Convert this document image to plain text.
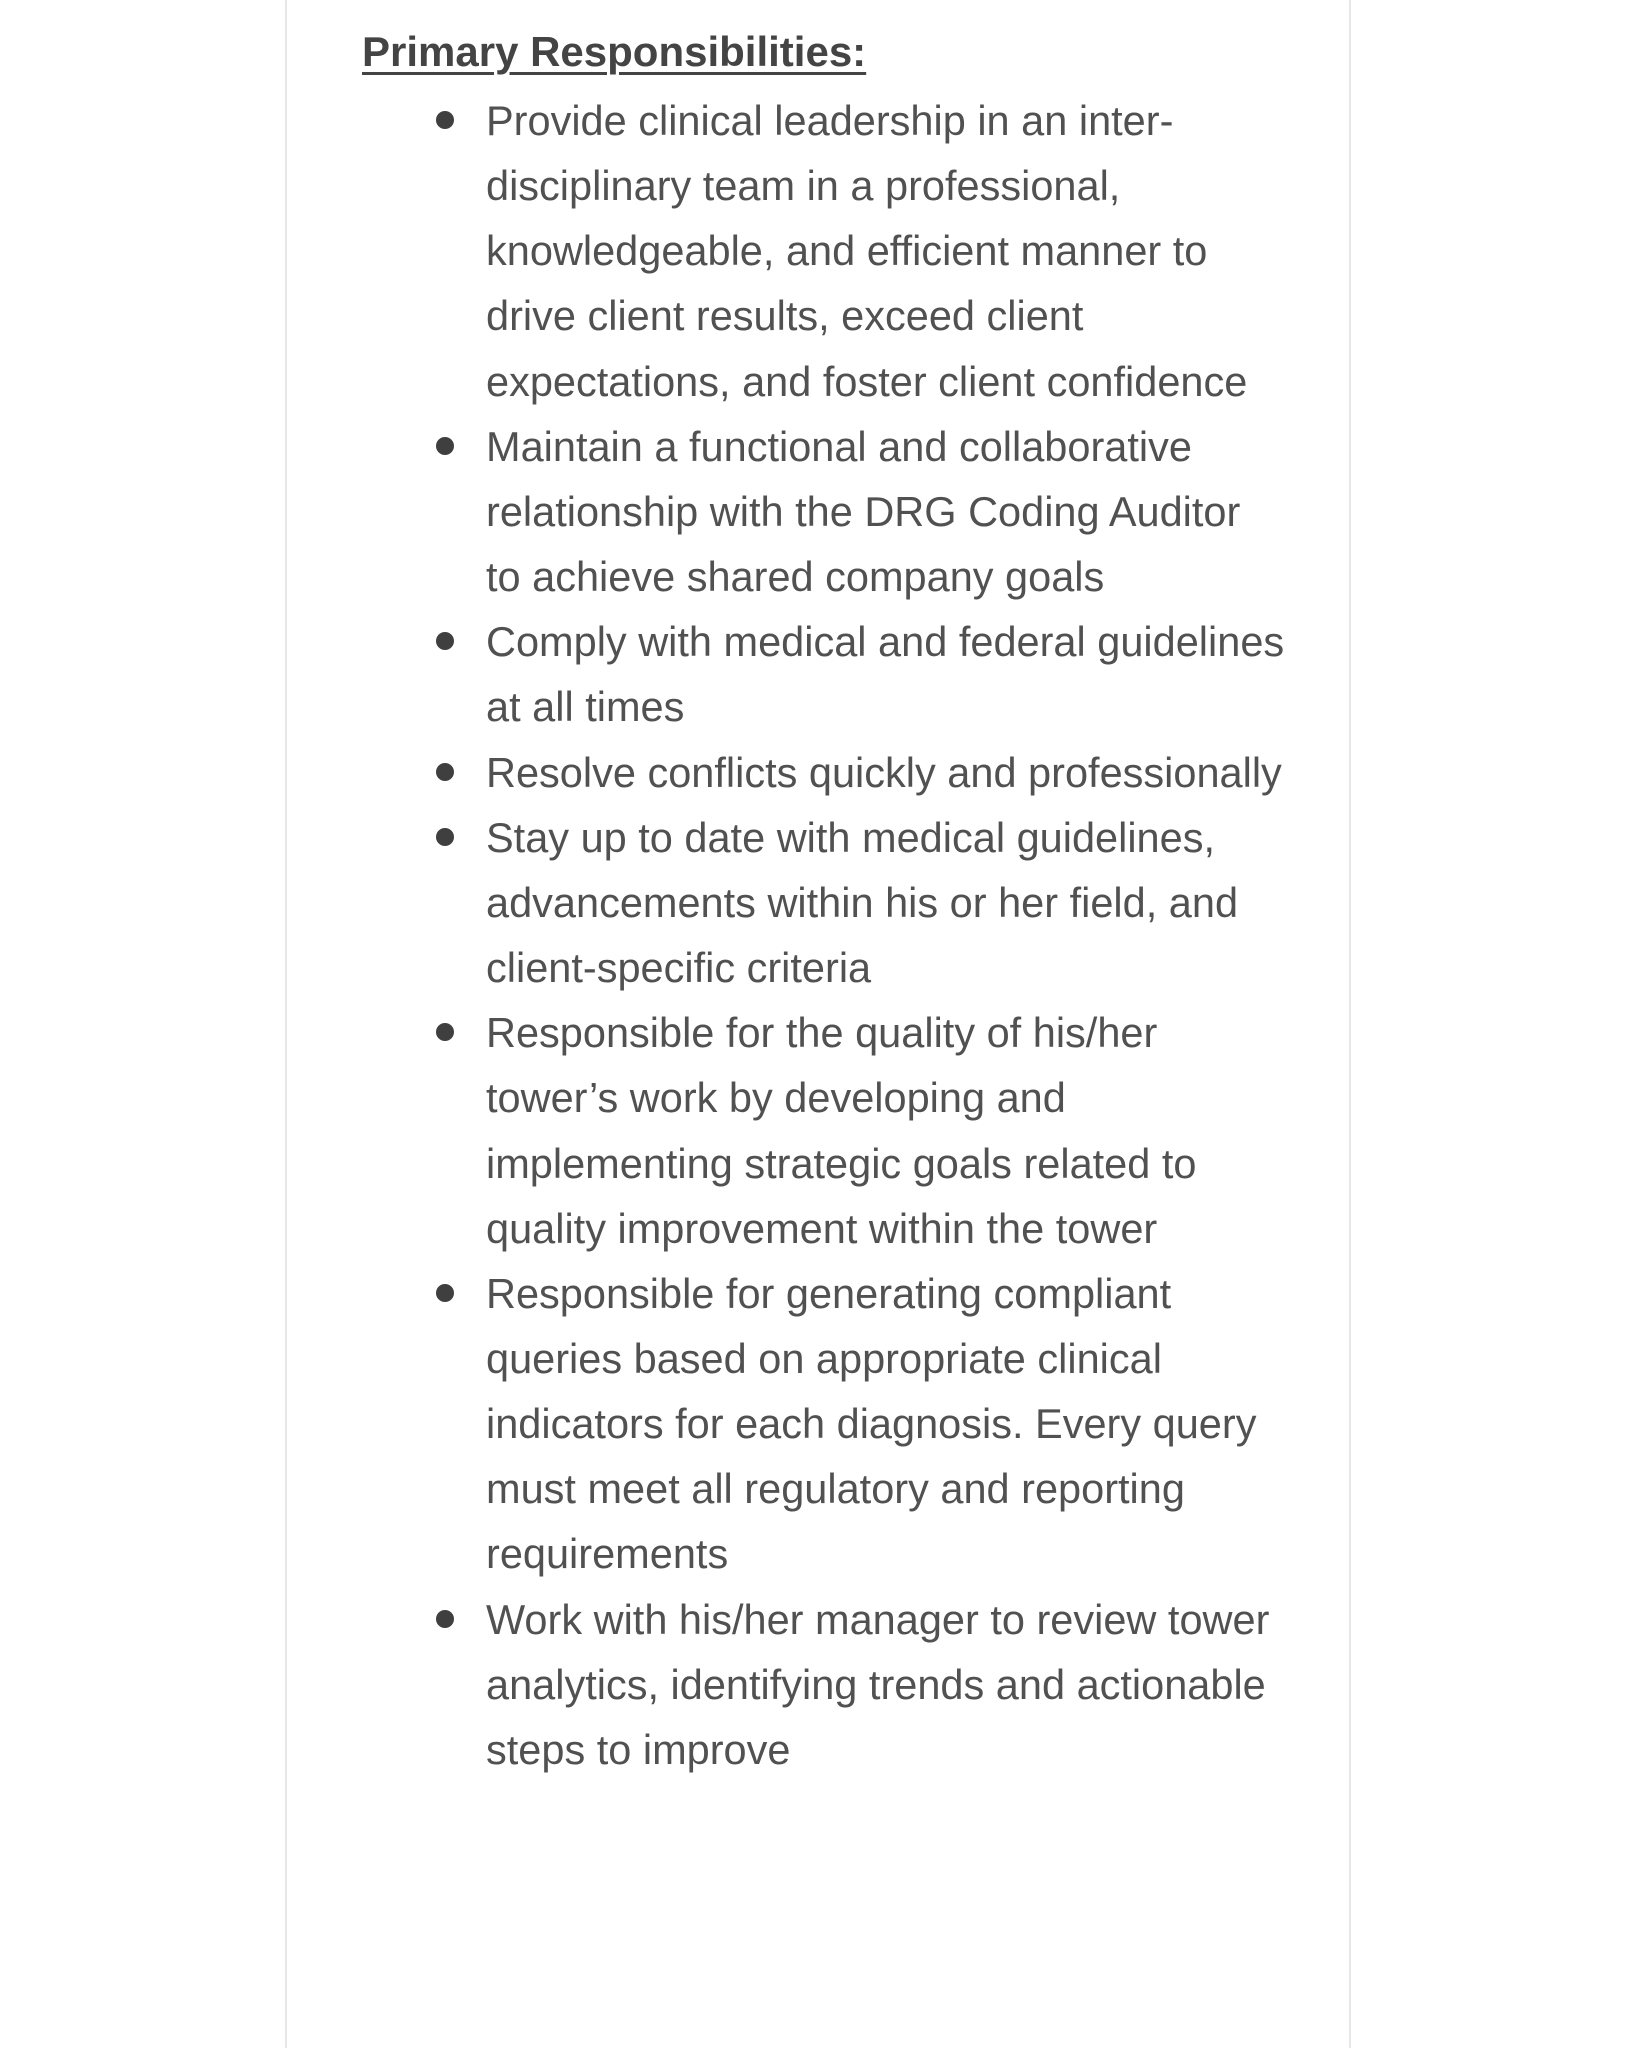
Primary Responsibilities:
Provide clinical leadership in an inter-disciplinary team in a professional, knowledgeable, and efficient manner to drive client results, exceed client expectations, and foster client confidence
Maintain a functional and collaborative relationship with the DRG Coding Auditor to achieve shared company goals
Comply with medical and federal guidelines at all times
Resolve conflicts quickly and professionally
Stay up to date with medical guidelines, advancements within his or her field, and client-specific criteria
Responsible for the quality of his/her tower’s work by developing and implementing strategic goals related to quality improvement within the tower
Responsible for generating compliant queries based on appropriate clinical indicators for each diagnosis. Every query must meet all regulatory and reporting requirements
Work with his/her manager to review tower analytics, identifying trends and actionable steps to improve
